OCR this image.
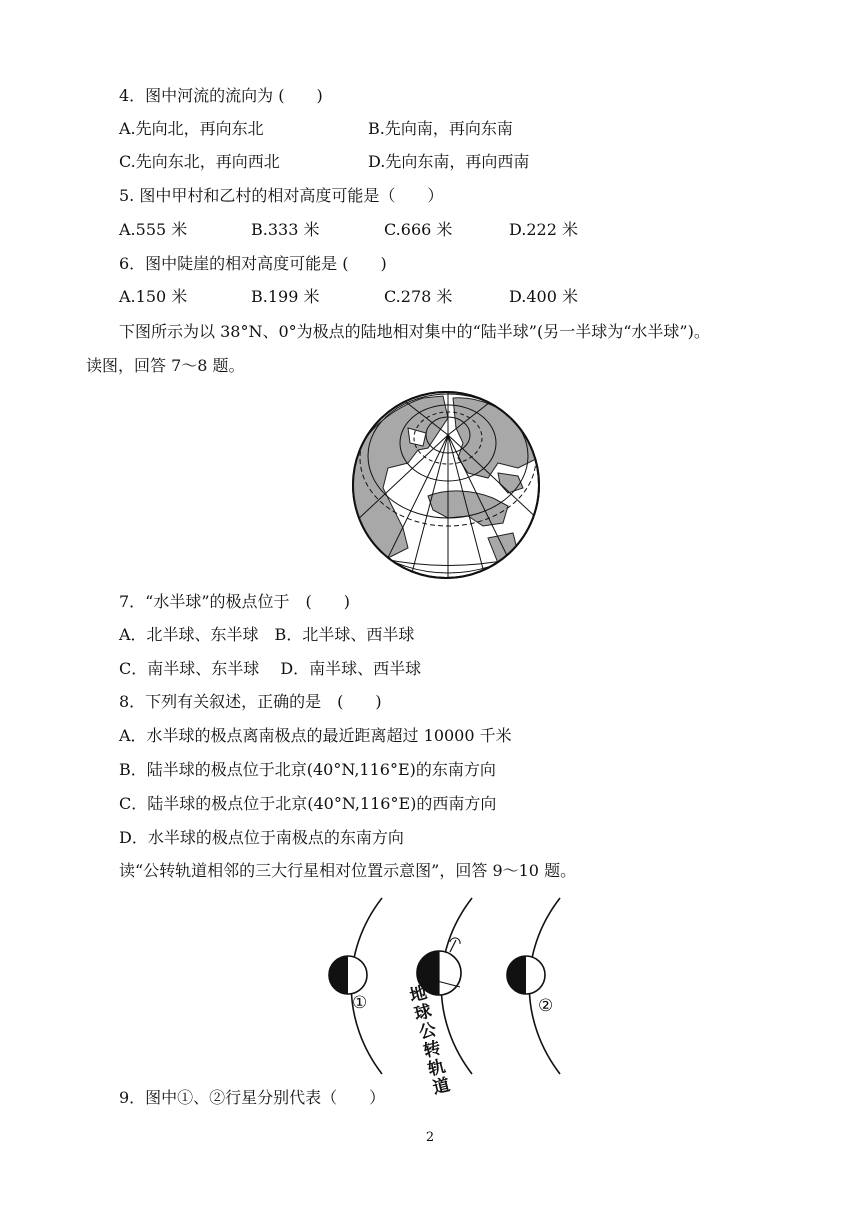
4．图中河流的流向为 (　　)
A.先向北，再向东北	B.先向南，再向东南
C.先向东北，再向西北	D.先向东南，再向西南
5. 图中甲村和乙村的相对高度可能是（　　）
A.555 米	B.333 米	C.666 米	D.222 米
6．图中陡崖的相对高度可能是 (　　)
A.150 米	B.199 米	C.278 米	D.400 米
下图所示为以 38°N、0°为极点的陆地相对集中的“陆半球”(另一半球为“水半球”)。
读图，回答 7～8 题。
7．“水半球”的极点位于　(　　)
A．北半球、东半球　B．北半球、西半球
C．南半球、东半球　 D．南半球、西半球
8．下列有关叙述，正确的是　(　　)
A．水半球的极点离南极点的最近距离超过 10000 千米
B．陆半球的极点位于北京(40°N,116°E)的东南方向
C．陆半球的极点位于北京(40°N,116°E)的西南方向
D．水半球的极点位于南极点的东南方向
读“公转轨道相邻的三大行星相对位置示意图”，回答 9～10 题。
①	②
地球公转轨道
9．图中①、②行星分别代表（　　）
2
